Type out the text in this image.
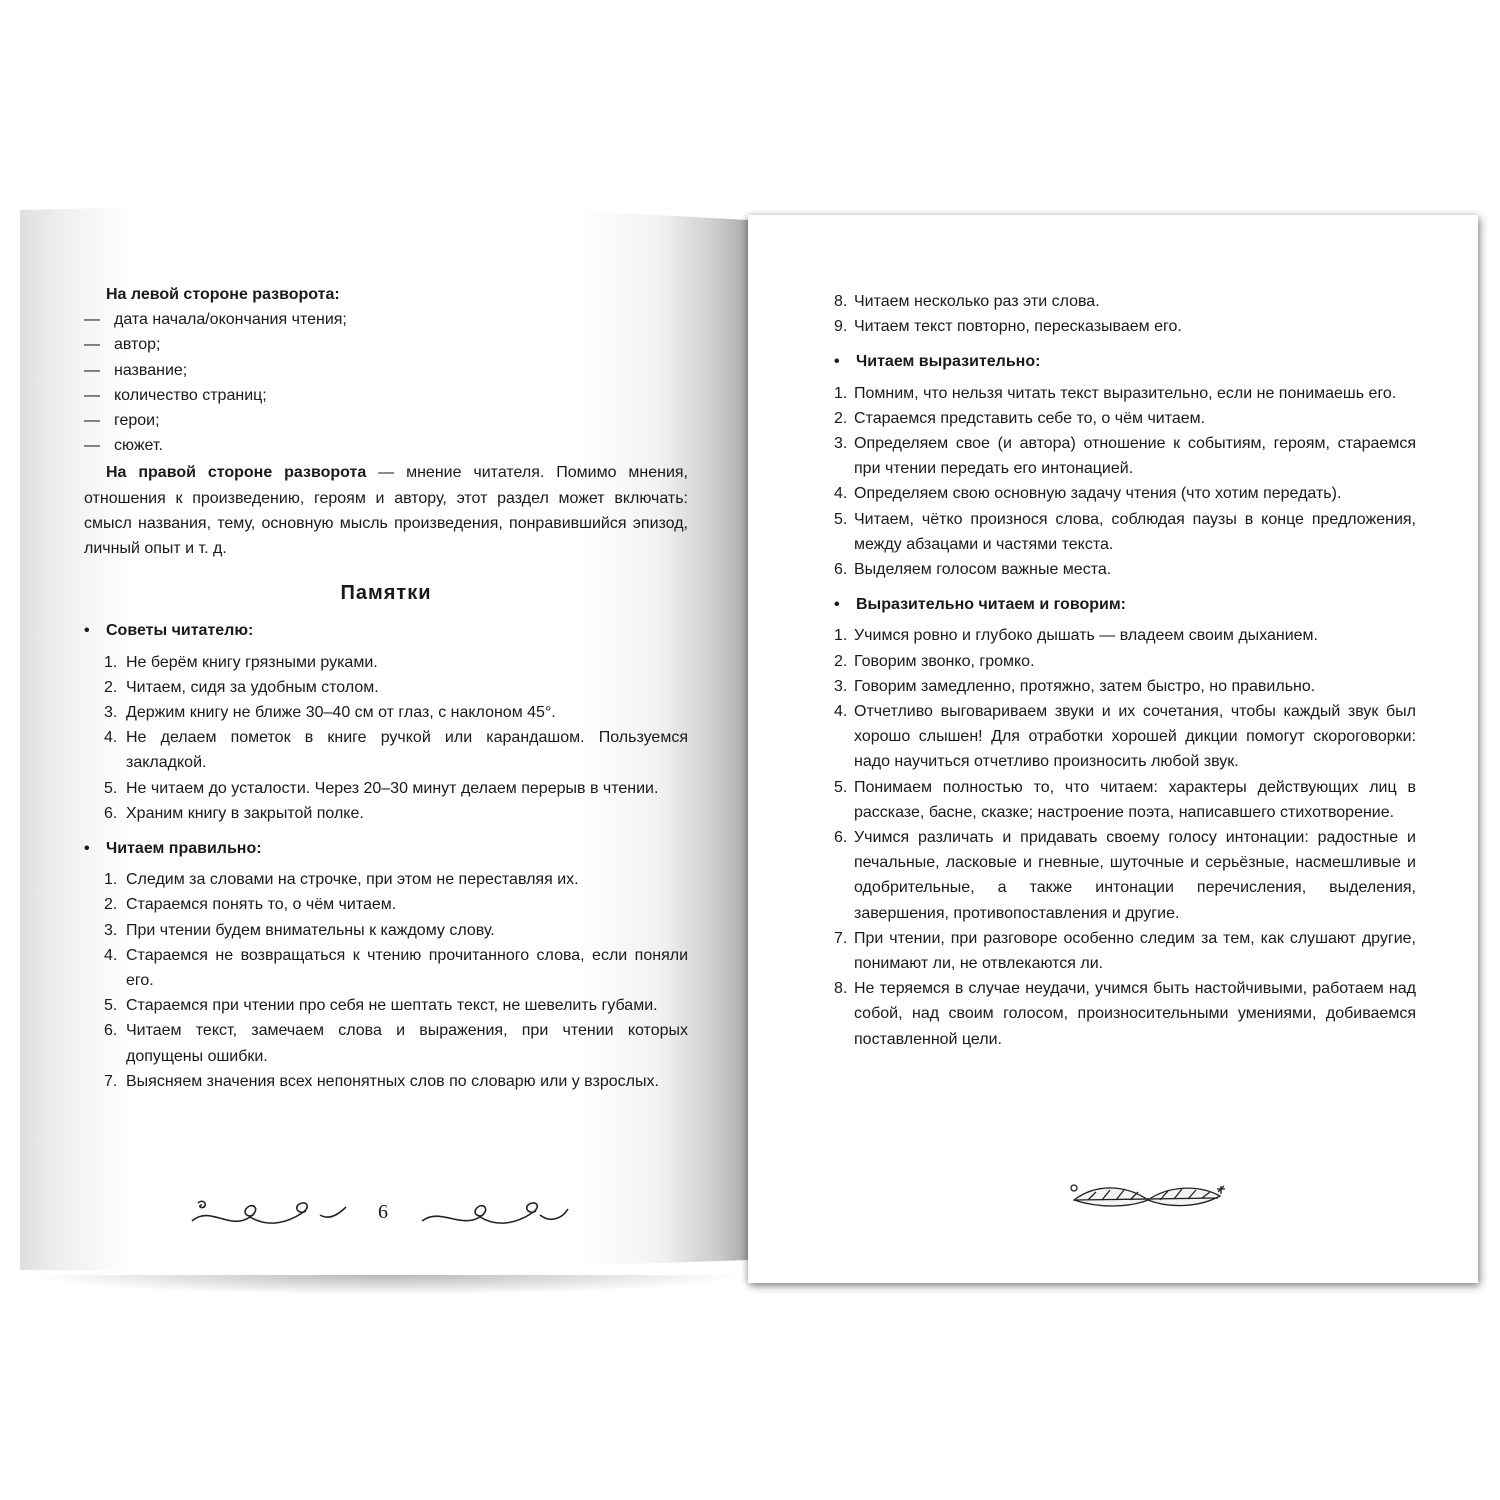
На левой стороне разворота:

— дата начала/окончания чтения;
— автор;
— название;
— количество страниц;
— герои;
— сюжет.

На правой стороне разворота — мнение читателя. Помимо мнения, отношения к произведению, героям и автору, этот раздел может включать: смысл названия, тему, основную мысль произведения, понравившийся эпизод, личный опыт и т. д.

Памятки
• Советы читателю:
1. Не берём книгу грязными руками.
2. Читаем, сидя за удобным столом.
3. Держим книгу не ближе 30–40 см от глаз, с наклоном 45°.
4. Не делаем пометок в книге ручкой или карандашом. Пользуемся закладкой.
5. Не читаем до усталости. Через 20–30 минут делаем перерыв в чтении.
6. Храним книгу в закрытой полке.
• Читаем правильно:
1. Следим за словами на строчке, при этом не переставляя их.
2. Стараемся понять то, о чём читаем.
3. При чтении будем внимательны к каждому слову.
4. Стараемся не возвращаться к чтению прочитанного слова, если поняли его.
5. Стараемся при чтении про себя не шептать текст, не шевелить губами.
6. Читаем текст, замечаем слова и выражения, при чтении которых допущены ошибки.
7. Выясняем значения всех непонятных слов по словарю или у взрослых.
6
8. Читаем несколько раз эти слова.
9. Читаем текст повторно, пересказываем его.
• Читаем выразительно:
1. Помним, что нельзя читать текст выразительно, если не понимаешь его.
2. Стараемся представить себе то, о чём читаем.
3. Определяем свое (и автора) отношение к событиям, героям, стараемся при чтении передать его интонацией.
4. Определяем свою основную задачу чтения (что хотим передать).
5. Читаем, чётко произнося слова, соблюдая паузы в конце предложения, между абзацами и частями текста.
6. Выделяем голосом важные места.
• Выразительно читаем и говорим:
1. Учимся ровно и глубоко дышать — владеем своим дыханием.
2. Говорим звонко, громко.
3. Говорим замедленно, протяжно, затем быстро, но правильно.
4. Отчетливо выговариваем звуки и их сочетания, чтобы каждый звук был хорошо слышен! Для отработки хорошей дикции помогут скороговорки: надо научиться отчетливо произносить любой звук.
5. Понимаем полностью то, что читаем: характеры действующих лиц в рассказе, басне, сказке; настроение поэта, написавшего стихотворение.
6. Учимся различать и придавать своему голосу интонации: радостные и печальные, ласковые и гневные, шуточные и серьёзные, насмешливые и одобрительные, а также интонации перечисления, выделения, завершения, противопоставления и другие.
7. При чтении, при разговоре особенно следим за тем, как слушают другие, понимают ли, не отвлекаются ли.
8. Не теряемся в случае неудачи, учимся быть настойчивыми, работаем над собой, над своим голосом, произносительными умениями, добиваемся поставленной цели.
